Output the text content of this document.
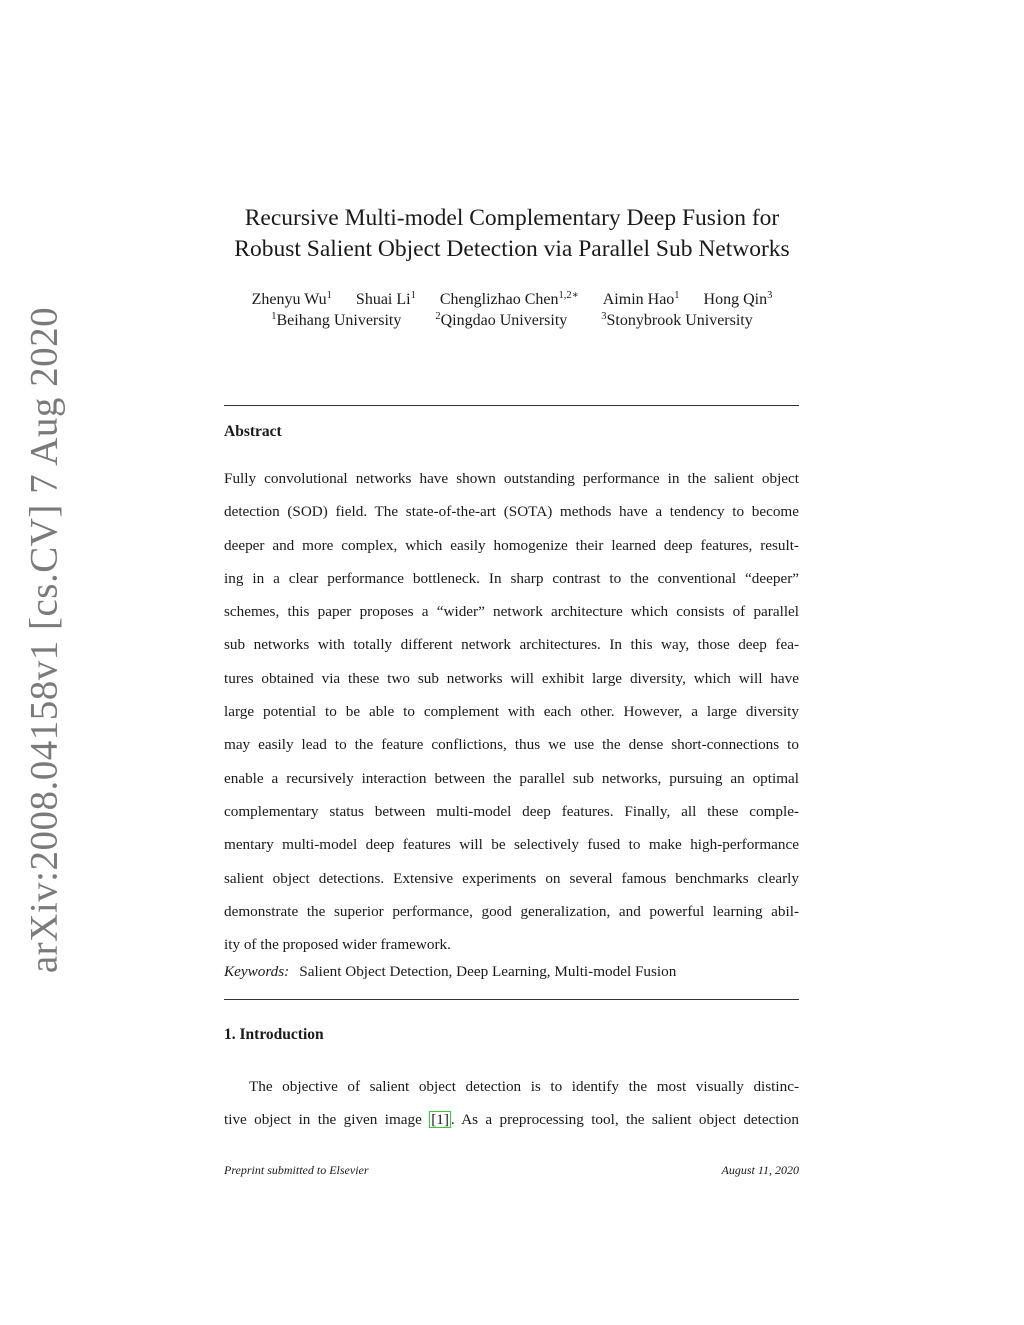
arXiv:2008.04158v1 [cs.CV] 7 Aug 2020
Recursive Multi-model Complementary Deep Fusion for
Robust Salient Object Detection via Parallel Sub Networks
Zhenyu Wu$^1$ Shuai Li$^1$ Chenglizhao Chen$^{1,2∗}$ Aimin Hao$^1$ Hong Qin$^3$
$^1$Beihang University	$^2$Qingdao University	$^3$Stonybrook University
Abstract
Fully convolutional networks have shown outstanding performance in the salient object
detection (SOD) field. The state-of-the-art (SOTA) methods have a tendency to become
deeper and more complex, which easily homogenize their learned deep features, result-
ing in a clear performance bottleneck. In sharp contrast to the conventional “deeper”
schemes, this paper proposes a “wider” network architecture which consists of parallel
sub networks with totally different network architectures. In this way, those deep fea-
tures obtained via these two sub networks will exhibit large diversity, which will have
large potential to be able to complement with each other. However, a large diversity
may easily lead to the feature conflictions, thus we use the dense short-connections to
enable a recursively interaction between the parallel sub networks, pursuing an optimal
complementary status between multi-model deep features. Finally, all these comple-
mentary multi-model deep features will be selectively fused to make high-performance
salient object detections. Extensive experiments on several famous benchmarks clearly
demonstrate the superior performance, good generalization, and powerful learning abil-
ity of the proposed wider framework.
Keywords: Salient Object Detection, Deep Learning, Multi-model Fusion
1. Introduction
The objective of salient object detection is to identify the most visually distinc-
tive object in the given image [1] . As a preprocessing tool, the salient object detection
Preprint submitted to Elsevier	August 11, 2020
